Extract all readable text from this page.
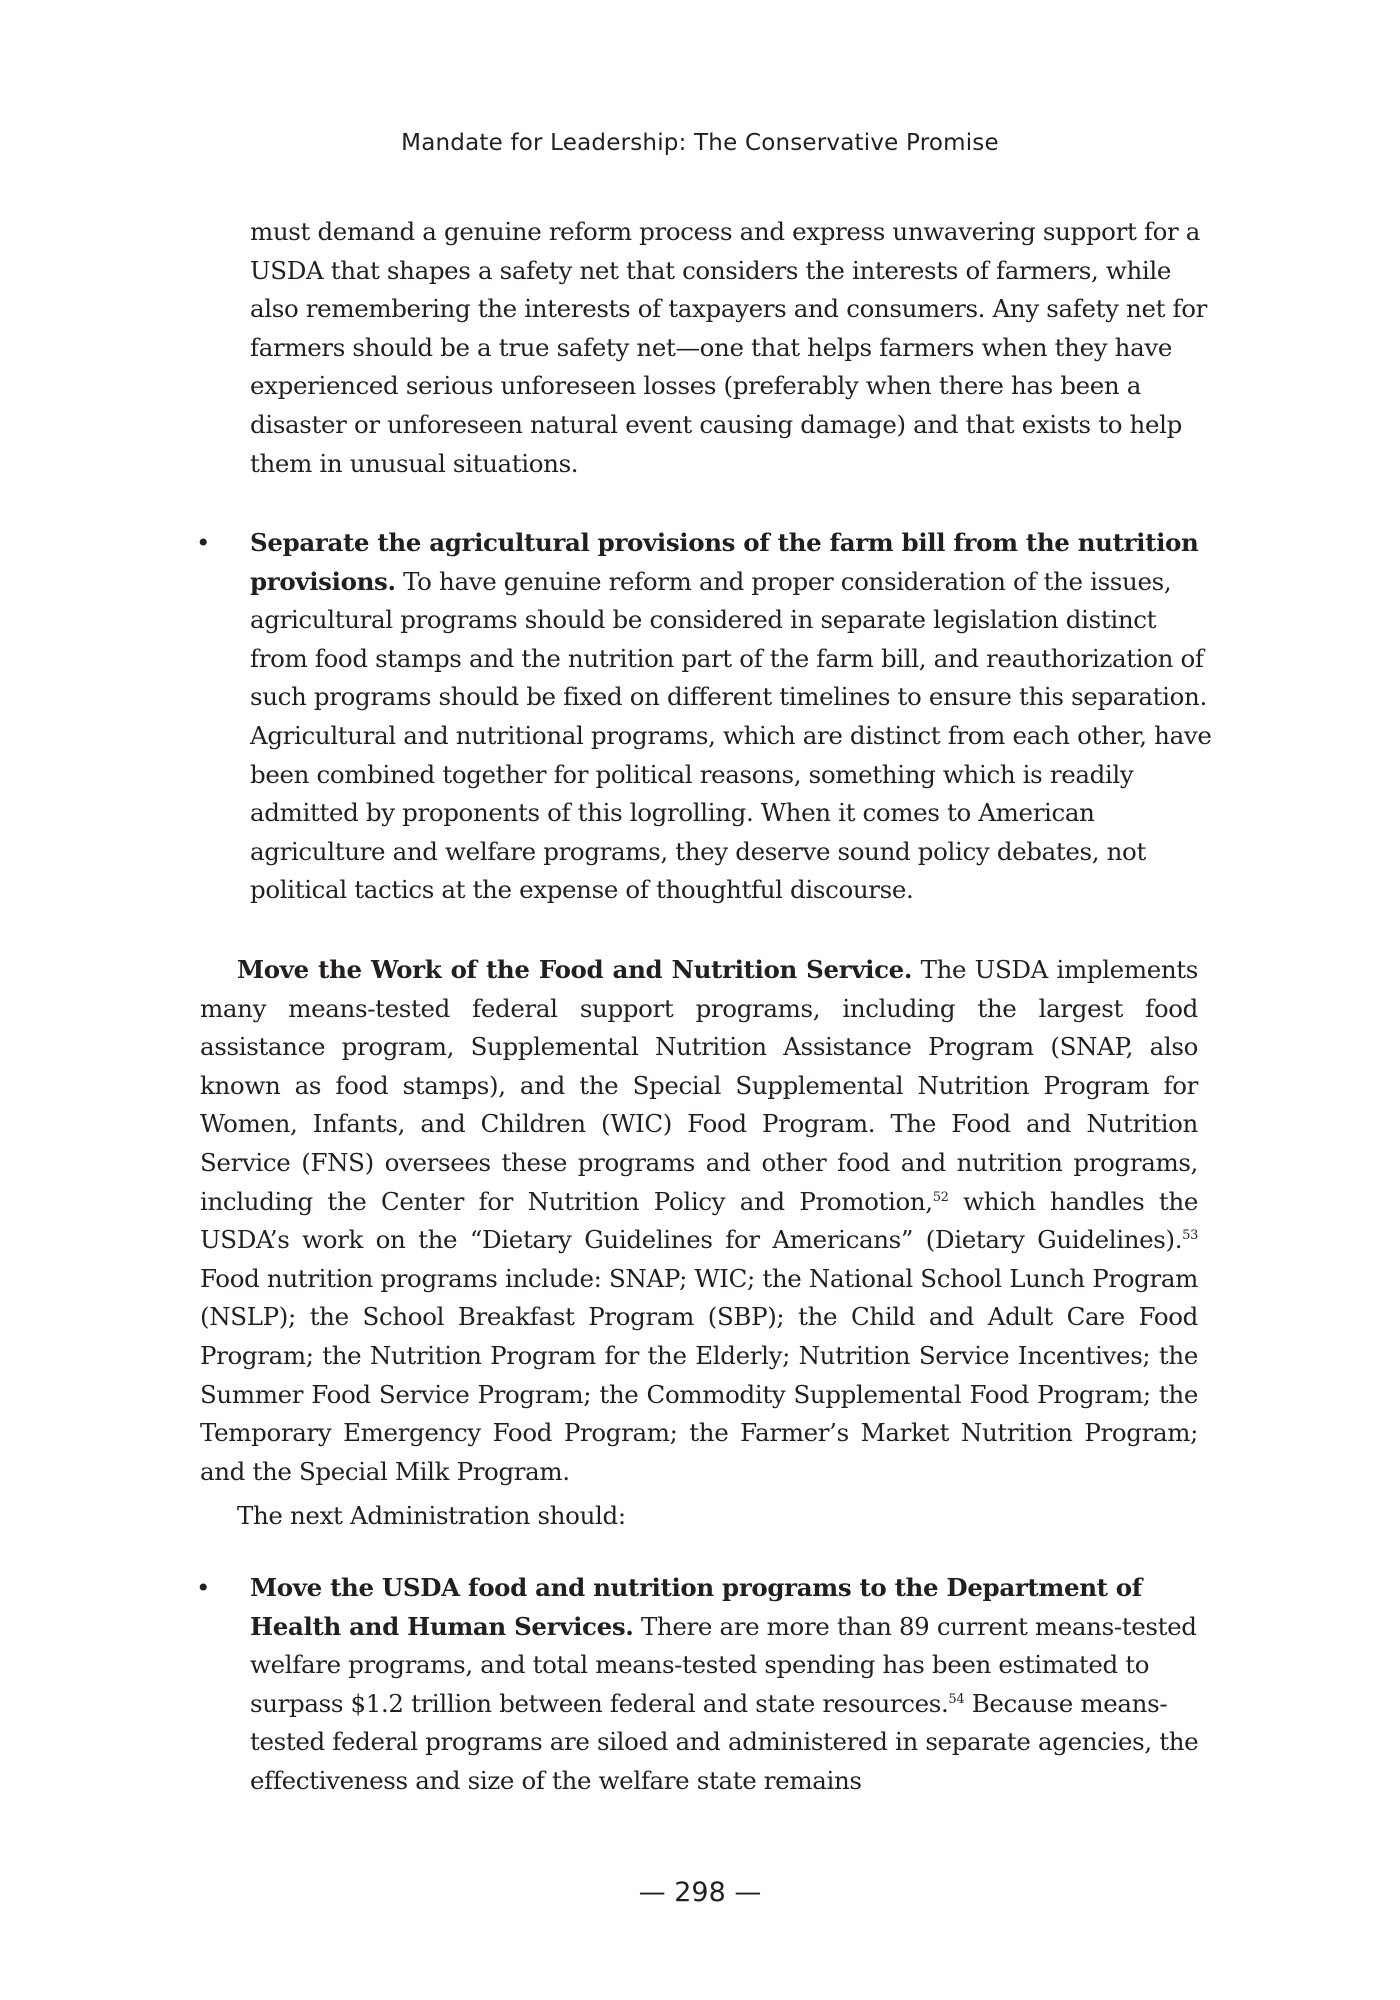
Mandate for Leadership: The Conservative Promise

must demand a genuine reform process and express unwavering support for a USDA that shapes a safety net that considers the interests of farmers, while also remembering the interests of taxpayers and consumers. Any safety net for farmers should be a true safety net—one that helps farmers when they have experienced serious unforeseen losses (preferably when there has been a disaster or unforeseen natural event causing damage) and that exists to help them in unusual situations.

•	Separate the agricultural provisions of the farm bill from the nutrition provisions. To have genuine reform and proper consideration of the issues, agricultural programs should be considered in separate legislation distinct from food stamps and the nutrition part of the farm bill, and reauthorization of such programs should be fixed on different timelines to ensure this separation. Agricultural and nutritional programs, which are distinct from each other, have been combined together for political reasons, something which is readily admitted by proponents of this logrolling. When it comes to American agriculture and welfare programs, they deserve sound policy debates, not political tactics at the expense of thoughtful discourse.

Move the Work of the Food and Nutrition Service. The USDA implements many means-tested federal support programs, including the largest food assistance program, Supplemental Nutrition Assistance Program (SNAP, also known as food stamps), and the Special Supplemental Nutrition Program for Women, Infants, and Children (WIC) Food Program. The Food and Nutrition Service (FNS) oversees these programs and other food and nutrition programs, including the Center for Nutrition Policy and Promotion,$^{52}$ which handles the USDA’s work on the “Dietary Guidelines for Americans” (Dietary Guidelines).$^{53}$ Food nutrition programs include: SNAP; WIC; the National School Lunch Program (NSLP); the School Breakfast Program (SBP); the Child and Adult Care Food Program; the Nutrition Program for the Elderly; Nutrition Service Incentives; the Summer Food Service Program; the Commodity Supplemental Food Program; the Temporary Emergency Food Program; the Farmer’s Market Nutrition Program; and the Special Milk Program.

The next Administration should:

•	Move the USDA food and nutrition programs to the Department of Health and Human Services. There are more than 89 current means-tested welfare programs, and total means-tested spending has been estimated to surpass $1.2 trillion between federal and state resources.$^{54}$ Because means-tested federal programs are siloed and administered in separate agencies, the effectiveness and size of the welfare state remains
— 298 —
